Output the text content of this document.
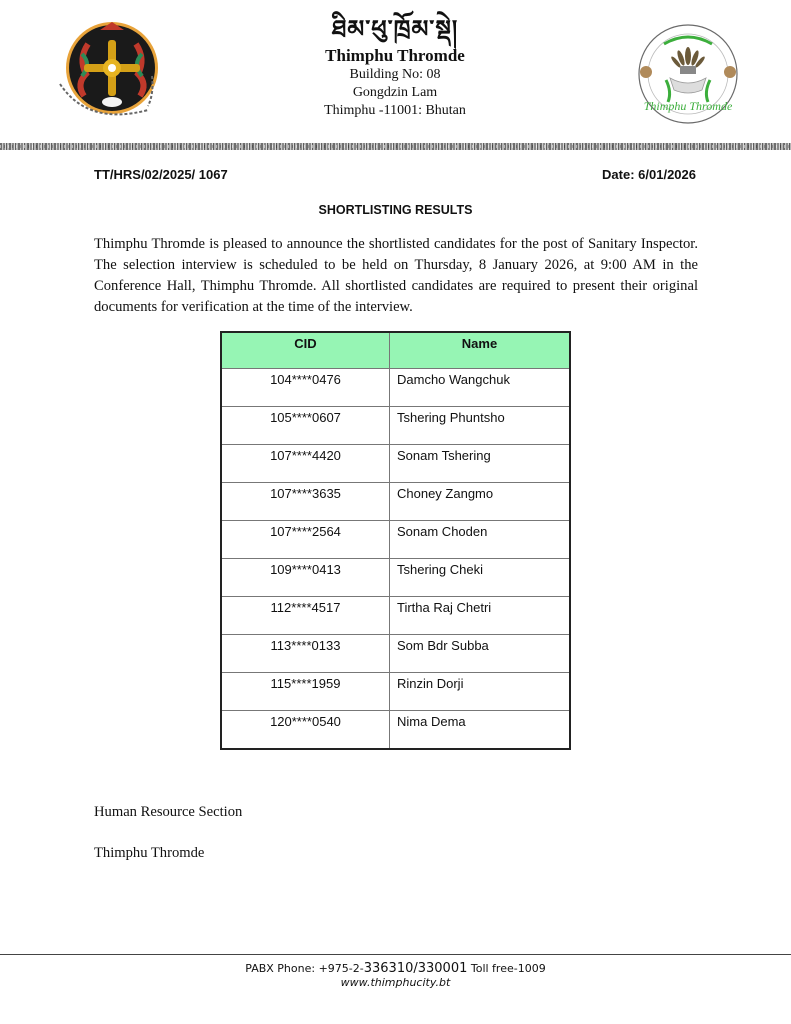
ཐིམ་ཕུ་ཁྲོམ་སྡེ།
Thimphu Thromde
Building No: 08
Gongdzin Lam
Thimphu -11001: Bhutan	Thimphu Thromde
TT/HRS/02/2025/ 1067	Date: 6/01/2026
SHORTLISTING RESULTS
Thimphu Thromde is pleased to announce the shortlisted candidates for the post of Sanitary Inspector. The selection interview is scheduled to be held on Thursday, 8 January 2026, at 9:00 AM in the Conference Hall, Thimphu Thromde. All shortlisted candidates are required to present their original documents for verification at the time of the interview.
CID	Name
104****0476	Damcho Wangchuk
105****0607	Tshering Phuntsho
107****4420	Sonam Tshering
107****3635	Choney Zangmo
107****2564	Sonam Choden
109****0413	Tshering Cheki
112****4517	Tirtha Raj Chetri
113****0133	Som Bdr Subba
115****1959	Rinzin Dorji
120****0540	Nima Dema
Human Resource Section
Thimphu Thromde
PABX Phone: +975-2-336310/330001 Toll free-1009
www.thimphucity.bt
